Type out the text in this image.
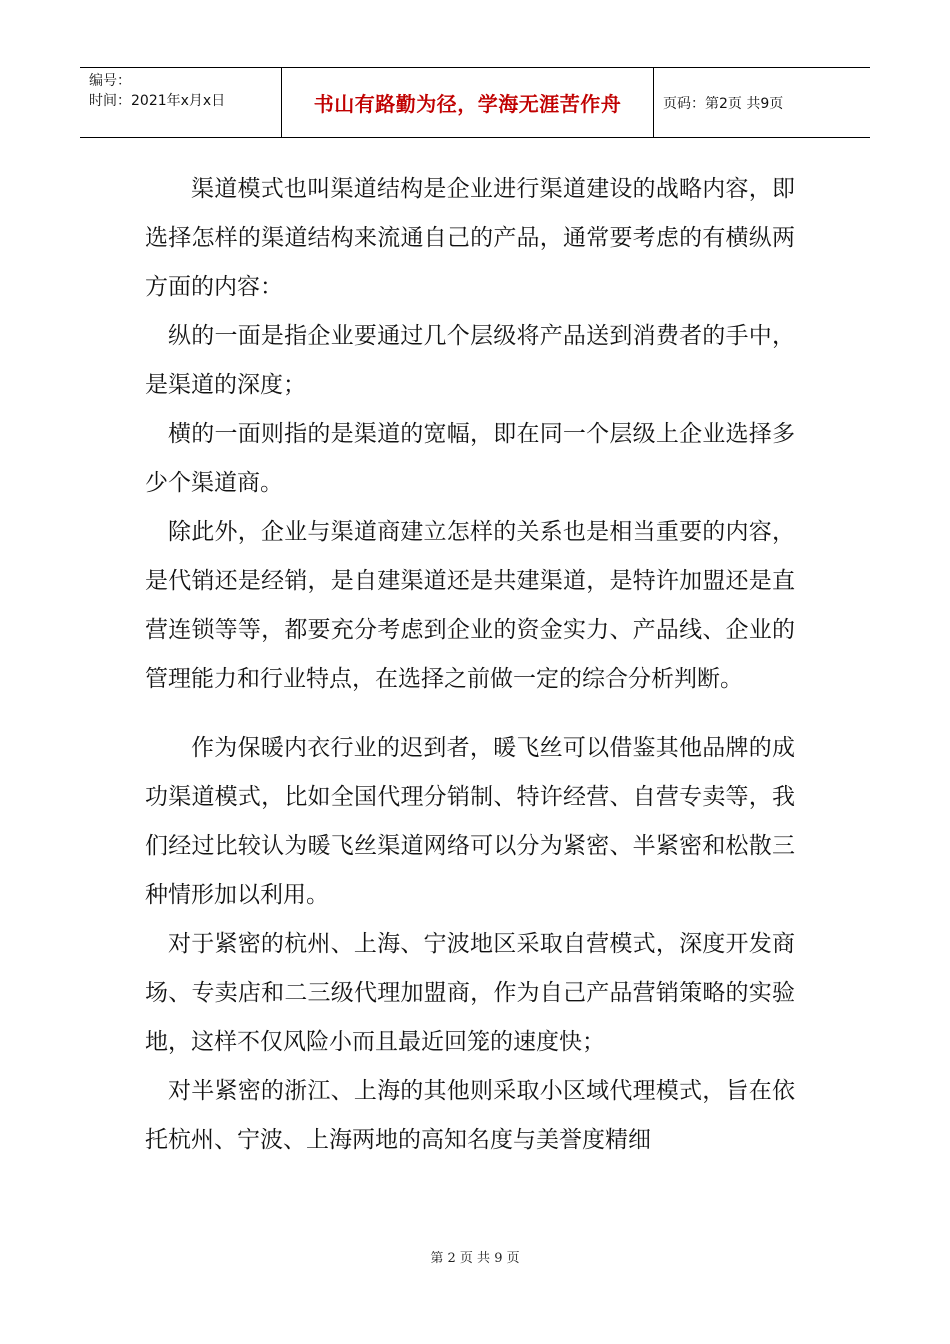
编号：
时间：2021年x月x日	书山有路勤为径，学海无涯苦作舟	页码：第2页 共9页

渠道模式也叫渠道结构是企业进行渠道建设的战略内容，即选择怎样的渠道结构来流通自己的产品，通常要考虑的有横纵两方面的内容：

纵的一面是指企业要通过几个层级将产品送到消费者的手中，是渠道的深度；

横的一面则指的是渠道的宽幅，即在同一个层级上企业选择多少个渠道商。

除此外，企业与渠道商建立怎样的关系也是相当重要的内容，是代销还是经销，是自建渠道还是共建渠道，是特许加盟还是直营连锁等等，都要充分考虑到企业的资金实力、产品线、企业的管理能力和行业特点，在选择之前做一定的综合分析判断。

作为保暖内衣行业的迟到者，暖飞丝可以借鉴其他品牌的成功渠道模式，比如全国代理分销制、特许经营、自营专卖等，我们经过比较认为暖飞丝渠道网络可以分为紧密、半紧密和松散三种情形加以利用。

对于紧密的杭州、上海、宁波地区采取自营模式，深度开发商场、专卖店和二三级代理加盟商，作为自己产品营销策略的实验地，这样不仅风险小而且最近回笼的速度快；

对半紧密的浙江、上海的其他则采取小区域代理模式，旨在依托杭州、宁波、上海两地的高知名度与美誉度精细

第 2 页 共 9 页
